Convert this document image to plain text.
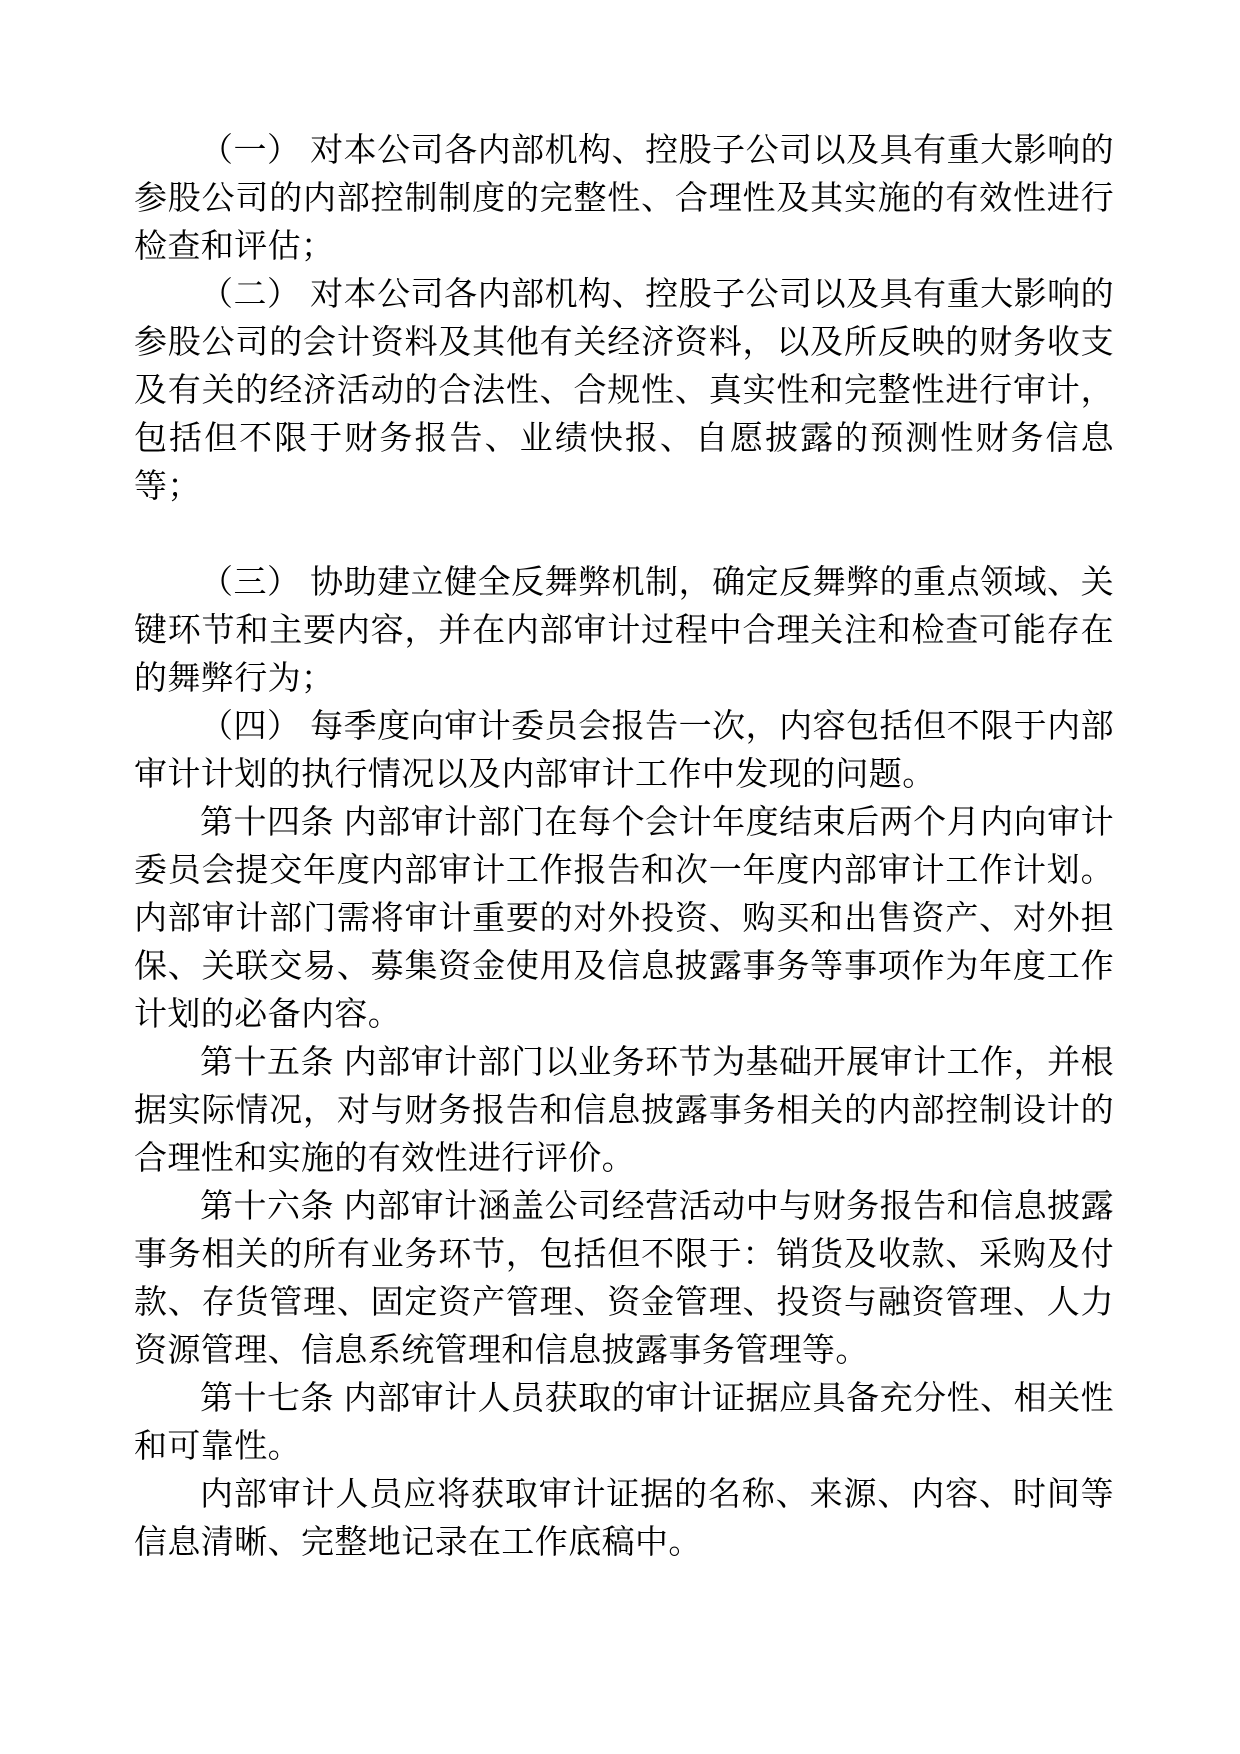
（一） 对本公司各内部机构、控股子公司以及具有重大影响的参股公司的内部控制制度的完整性、合理性及其实施的有效性进行检查和评估；

（二） 对本公司各内部机构、控股子公司以及具有重大影响的参股公司的会计资料及其他有关经济资料，以及所反映的财务收支及有关的经济活动的合法性、合规性、真实性和完整性进行审计，包括但不限于财务报告、业绩快报、自愿披露的预测性财务信息等；

（三） 协助建立健全反舞弊机制，确定反舞弊的重点领域、关键环节和主要内容，并在内部审计过程中合理关注和检查可能存在的舞弊行为；

（四） 每季度向审计委员会报告一次，内容包括但不限于内部审计计划的执行情况以及内部审计工作中发现的问题。

第十四条 内部审计部门在每个会计年度结束后两个月内向审计委员会提交年度内部审计工作报告和次一年度内部审计工作计划。内部审计部门需将审计重要的对外投资、购买和出售资产、对外担保、关联交易、募集资金使用及信息披露事务等事项作为年度工作计划的必备内容。

第十五条 内部审计部门以业务环节为基础开展审计工作，并根据实际情况，对与财务报告和信息披露事务相关的内部控制设计的合理性和实施的有效性进行评价。

第十六条 内部审计涵盖公司经营活动中与财务报告和信息披露事务相关的所有业务环节，包括但不限于：销货及收款、采购及付款、存货管理、固定资产管理、资金管理、投资与融资管理、人力资源管理、信息系统管理和信息披露事务管理等。

第十七条 内部审计人员获取的审计证据应具备充分性、相关性和可靠性。

内部审计人员应将获取审计证据的名称、来源、内容、时间等信息清晰、完整地记录在工作底稿中。
